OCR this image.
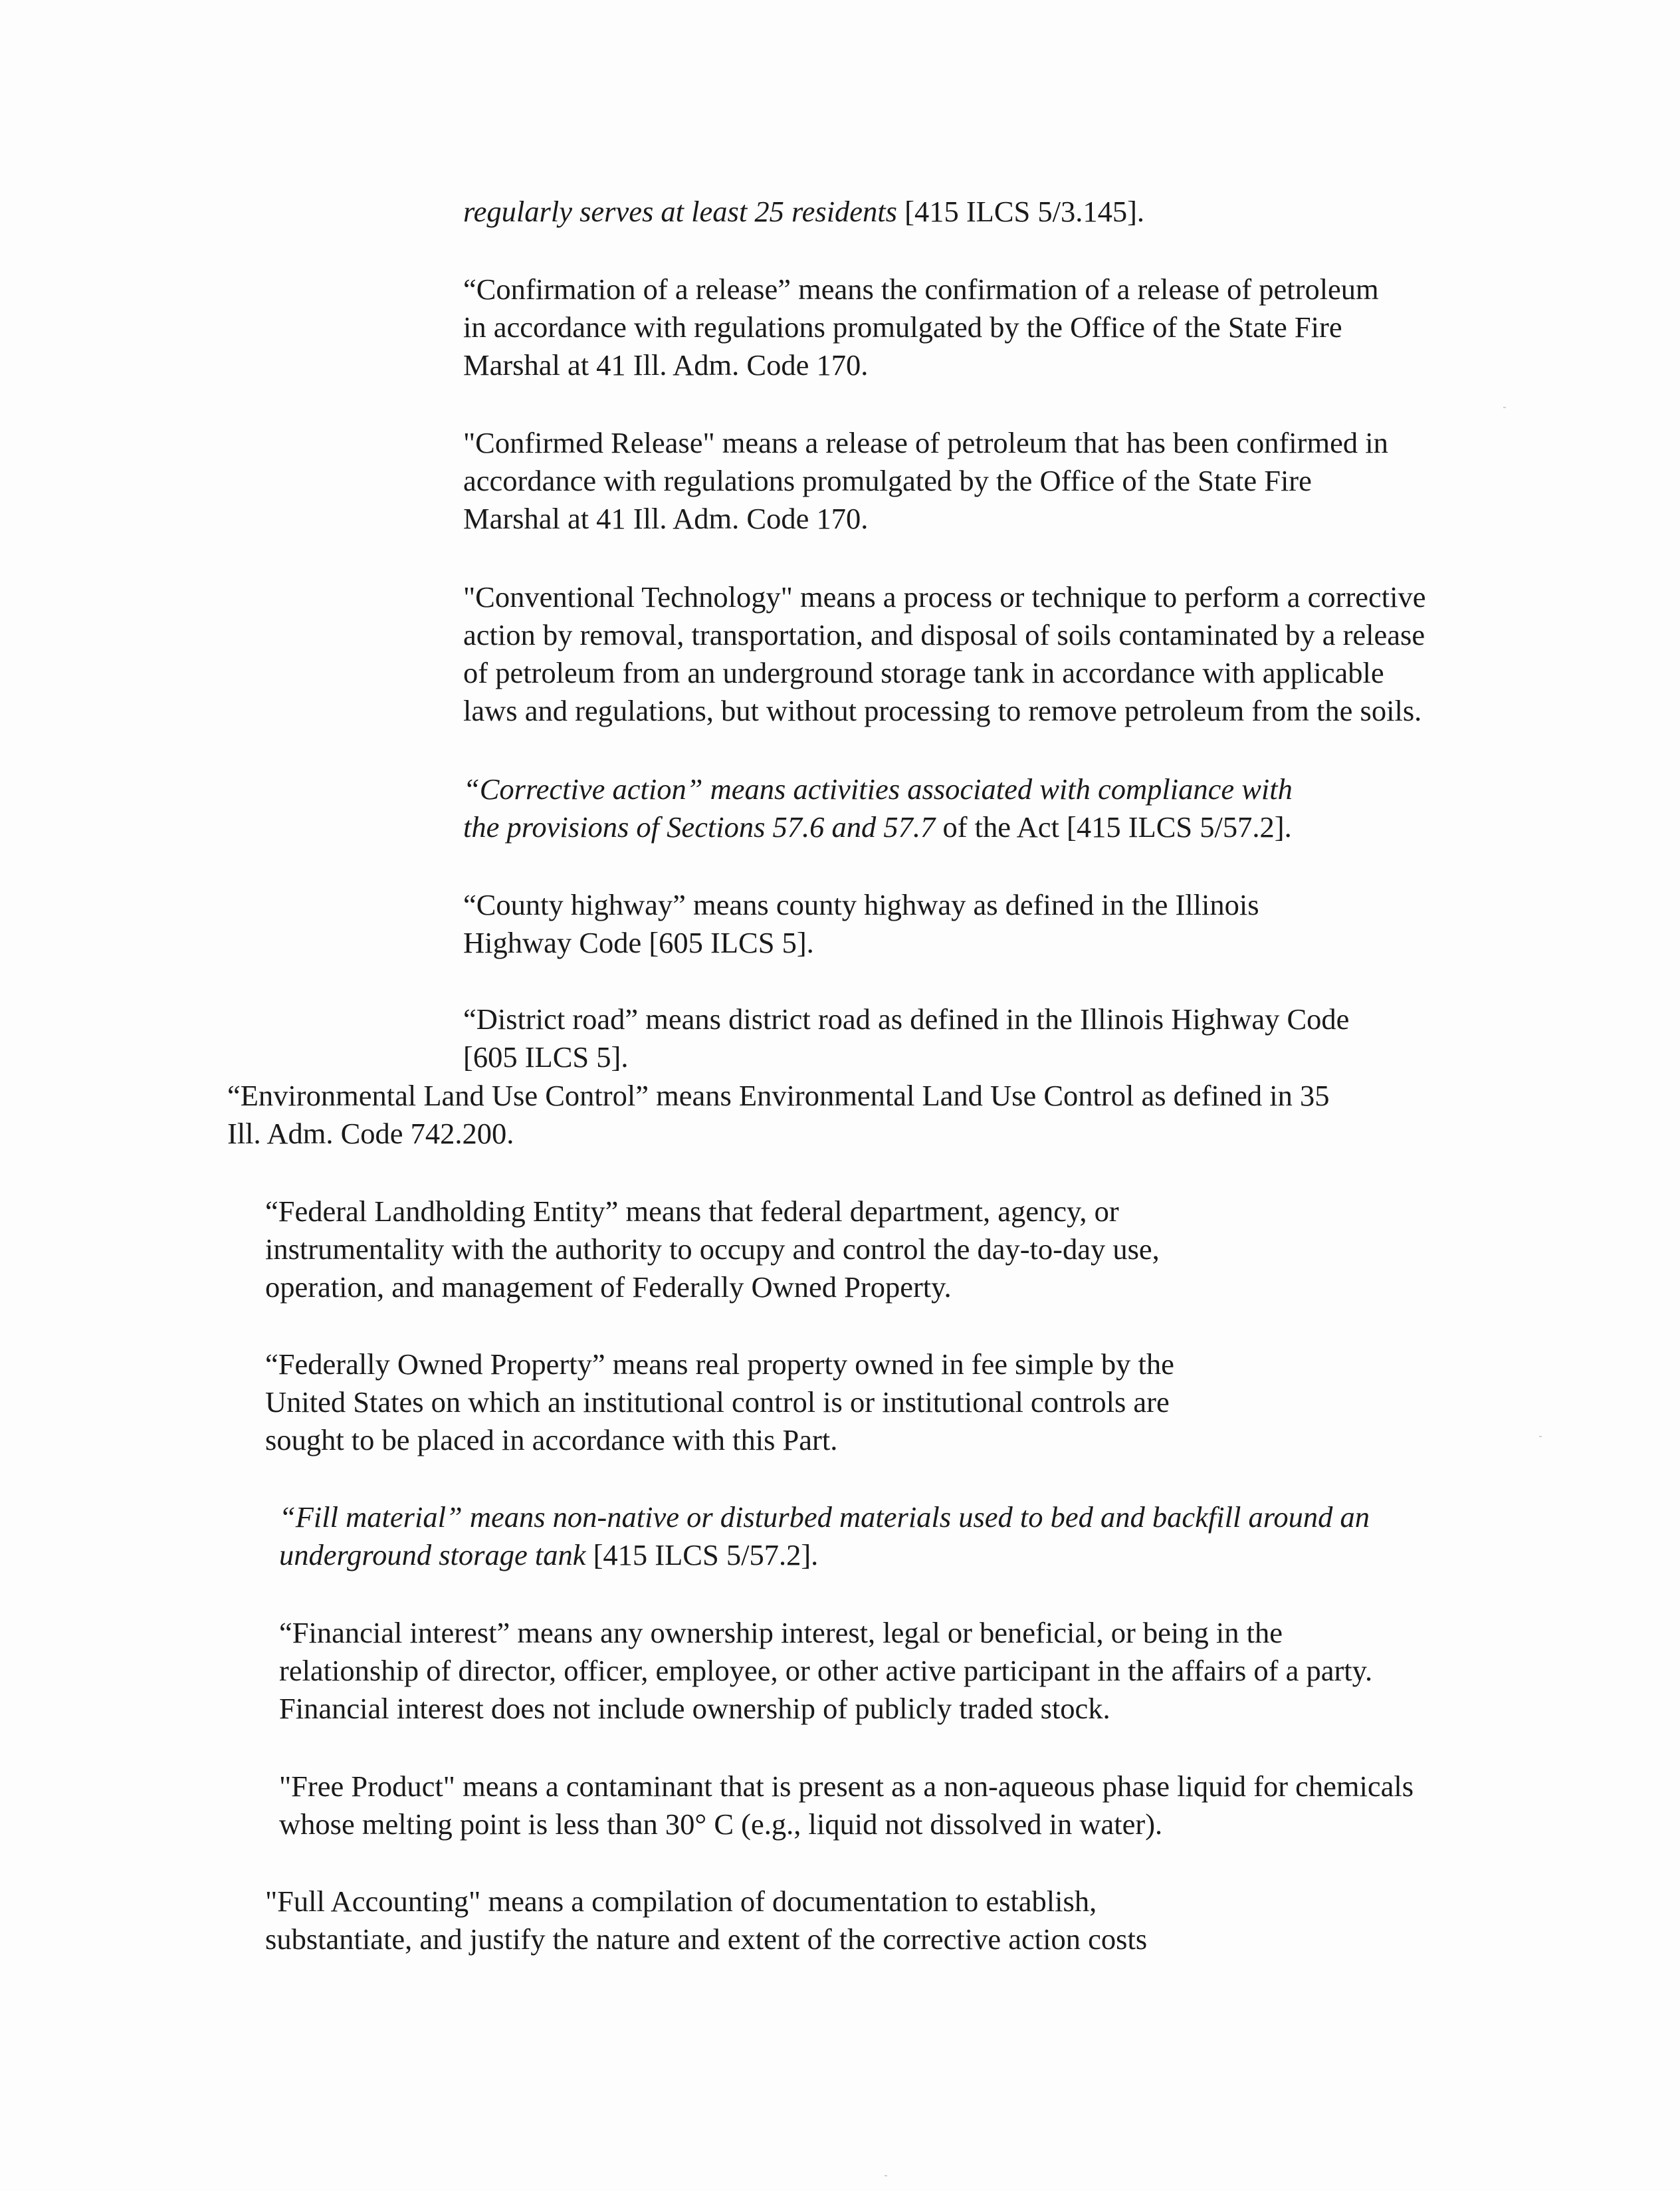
regularly serves at least 25 residents [415 ILCS 5/3.145].
“Confirmation of a release” means the confirmation of a release of petroleum
in accordance with regulations promulgated by the Office of the State Fire
Marshal at 41 Ill. Adm. Code 170.
"Confirmed Release" means a release of petroleum that has been confirmed in
accordance with regulations promulgated by the Office of the State Fire
Marshal at 41 Ill. Adm. Code 170.
"Conventional Technology" means a process or technique to perform a corrective
action by removal, transportation, and disposal of soils contaminated by a release
of petroleum from an underground storage tank in accordance with applicable
laws and regulations, but without processing to remove petroleum from the soils.
“Corrective action” means activities associated with compliance with
the provisions of Sections 57.6 and 57.7 of the Act [415 ILCS 5/57.2].
“County highway” means county highway as defined in the Illinois
Highway Code [605 ILCS 5].
“District road” means district road as defined in the Illinois Highway Code
[605 ILCS 5].
“Environmental Land Use Control” means Environmental Land Use Control as defined in 35
Ill. Adm. Code 742.200.
“Federal Landholding Entity” means that federal department, agency, or
instrumentality with the authority to occupy and control the day-to-day use,
operation, and management of Federally Owned Property.
“Federally Owned Property” means real property owned in fee simple by the
United States on which an institutional control is or institutional controls are
sought to be placed in accordance with this Part.
“Fill material” means non-native or disturbed materials used to bed and backfill around an
underground storage tank [415 ILCS 5/57.2].
“Financial interest” means any ownership interest, legal or beneficial, or being in the
relationship of director, officer, employee, or other active participant in the affairs of a party.
Financial interest does not include ownership of publicly traded stock.
"Free Product" means a contaminant that is present as a non-aqueous phase liquid for chemicals
whose melting point is less than 30° C (e.g., liquid not dissolved in water).
"Full Accounting" means a compilation of documentation to establish,
substantiate, and justify the nature and extent of the corrective action costs
